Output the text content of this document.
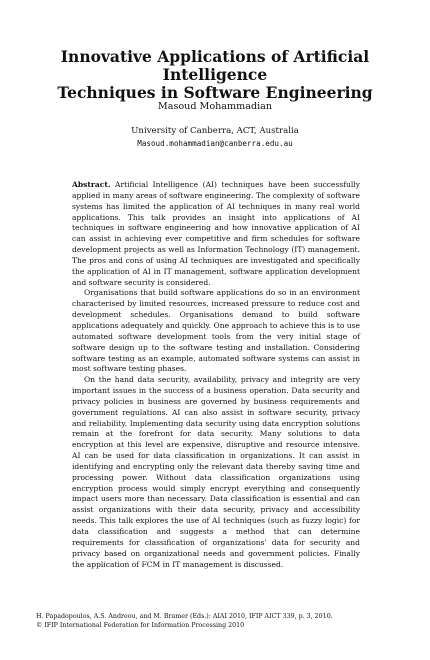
Innovative Applications of Artificial Intelligence
Techniques in Software Engineering
Masoud Mohammadian
University of Canberra, ACT, Australia
Masoud.mohammadian@canberra.edu.au

Abstract. Artificial Intelligence (AI) techniques have been successfully applied in many areas of software engineering. The complexity of software systems has limited the application of AI techniques in many real world applications. This talk provides an insight into applications of AI techniques in software engineering and how innovative application of AI can assist in achieving ever competitive and firm schedules for software development projects as well as Information Technology (IT) management. The pros and cons of using AI techniques are investigated and specifically the application of AI in IT management, software application development and software security is considered.

Organisations that build software applications do so in an environment characterised by limited resources, increased pressure to reduce cost and development schedules. Organisations demand to build software applications adequately and quickly. One approach to achieve this is to use automated software development tools from the very initial stage of software design up to the software testing and installation. Considering software testing as an example, automated software systems can assist in most software testing phases.

On the hand data security, availability, privacy and integrity are very important issues in the success of a business operation. Data security and privacy policies in business are governed by business requirements and government regulations. AI can also assist in software security, privacy and reliability. Implementing data security using data encryption solutions remain at the forefront for data security. Many solutions to data encryption at this level are expensive, disruptive and resource intensive. AI can be used for data classification in organizations. It can assist in identifying and encrypting only the relevant data thereby saving time and processing power. Without data classification organizations using encryption process would simply encrypt everything and consequently impact users more than necessary. Data classification is essential and can assist organizations with their data security, privacy and accessibility needs. This talk explores the use of AI techniques (such as fuzzy logic) for data classification and suggests a method that can determine requirements for classification of organizations' data for security and privacy based on organizational needs and government policies. Finally the application of FCM in IT management is discussed.

H. Papadopoulos, A.S. Andreou, and M. Bramer (Eds.): AIAI 2010, IFIP AICT 339, p. 3, 2010.
© IFIP International Federation for Information Processing 2010
